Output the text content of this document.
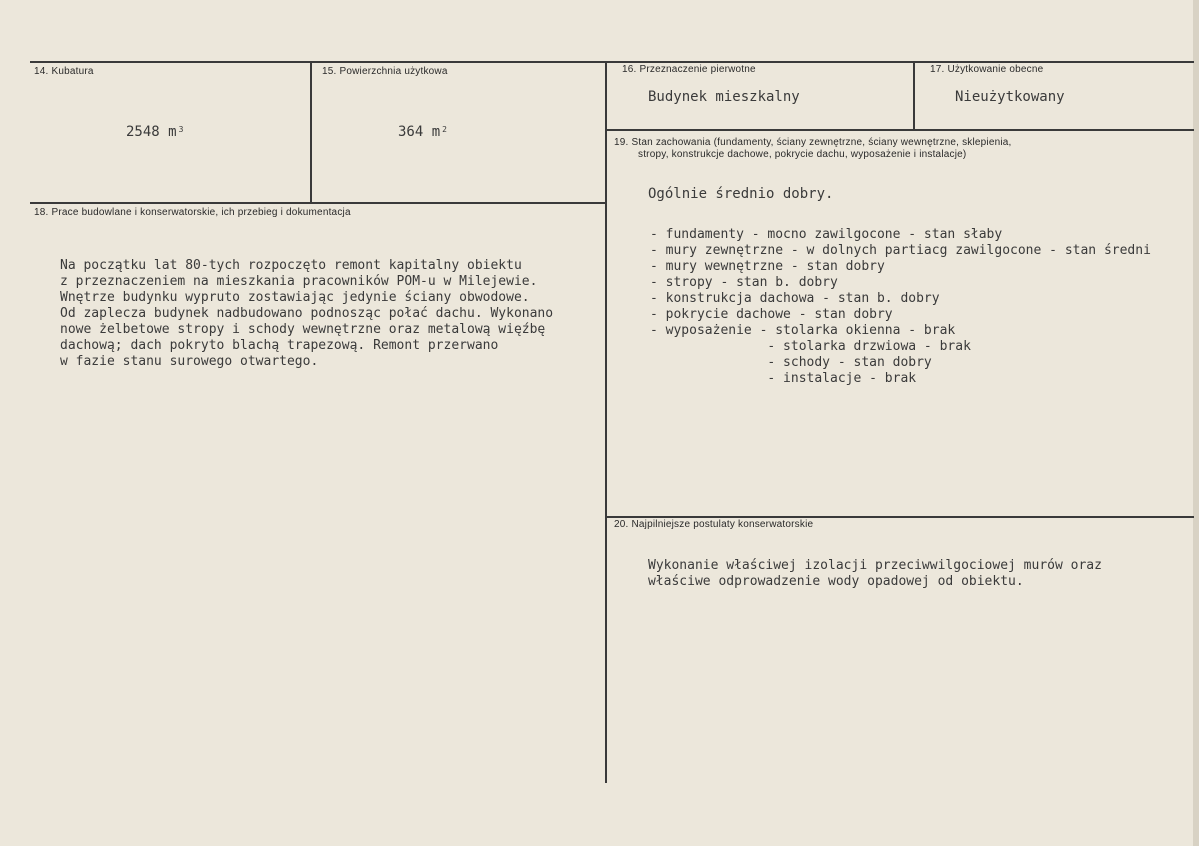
14. Kubatura
2548 m $^3$
15. Powierzchnia użytkowa
364 m $^2$
16. Przeznaczenie pierwotne
Budynek mieszkalny
17. Użytkowanie obecne
Nieużytkowany
18. Prace budowlane i konserwatorskie, ich przebieg i dokumentacja

Na początku lat 80-tych rozpoczęto remont kapitalny obiektu
z przeznaczeniem na mieszkania pracowników POM-u w Milejewie.
Wnętrze budynku wypruto zostawiając jedynie ściany obwodowe.
Od zaplecza budynek nadbudowano podnosząc połać dachu. Wykonano
nowe żelbetowe stropy i schody wewnętrzne oraz metalową więźbę
dachową; dach pokryto blachą trapezową. Remont przerwano
w fazie stanu surowego otwartego.
19. Stan zachowania (fundamenty, ściany zewnętrzne, ściany wewnętrzne, sklepienia,
stropy, konstrukcje dachowe, pokrycie dachu, wyposażenie i instalacje)
Ogólnie średnio dobry.

- fundamenty - mocno zawilgocone - stan słaby
- mury zewnętrzne - w dolnych partiacg zawilgocone - stan średni
- mury wewnętrzne - stan dobry
- stropy - stan b. dobry
- konstrukcja dachowa - stan b. dobry
- pokrycie dachowe - stan dobry
- wyposażenie - stolarka okienna - brak
- stolarka drzwiowa - brak
- schody - stan dobry
- instalacje - brak
20. Najpilniejsze postulaty konserwatorskie

Wykonanie właściwej izolacji przeciwwilgociowej murów oraz
właściwe odprowadzenie wody opadowej od obiektu.
